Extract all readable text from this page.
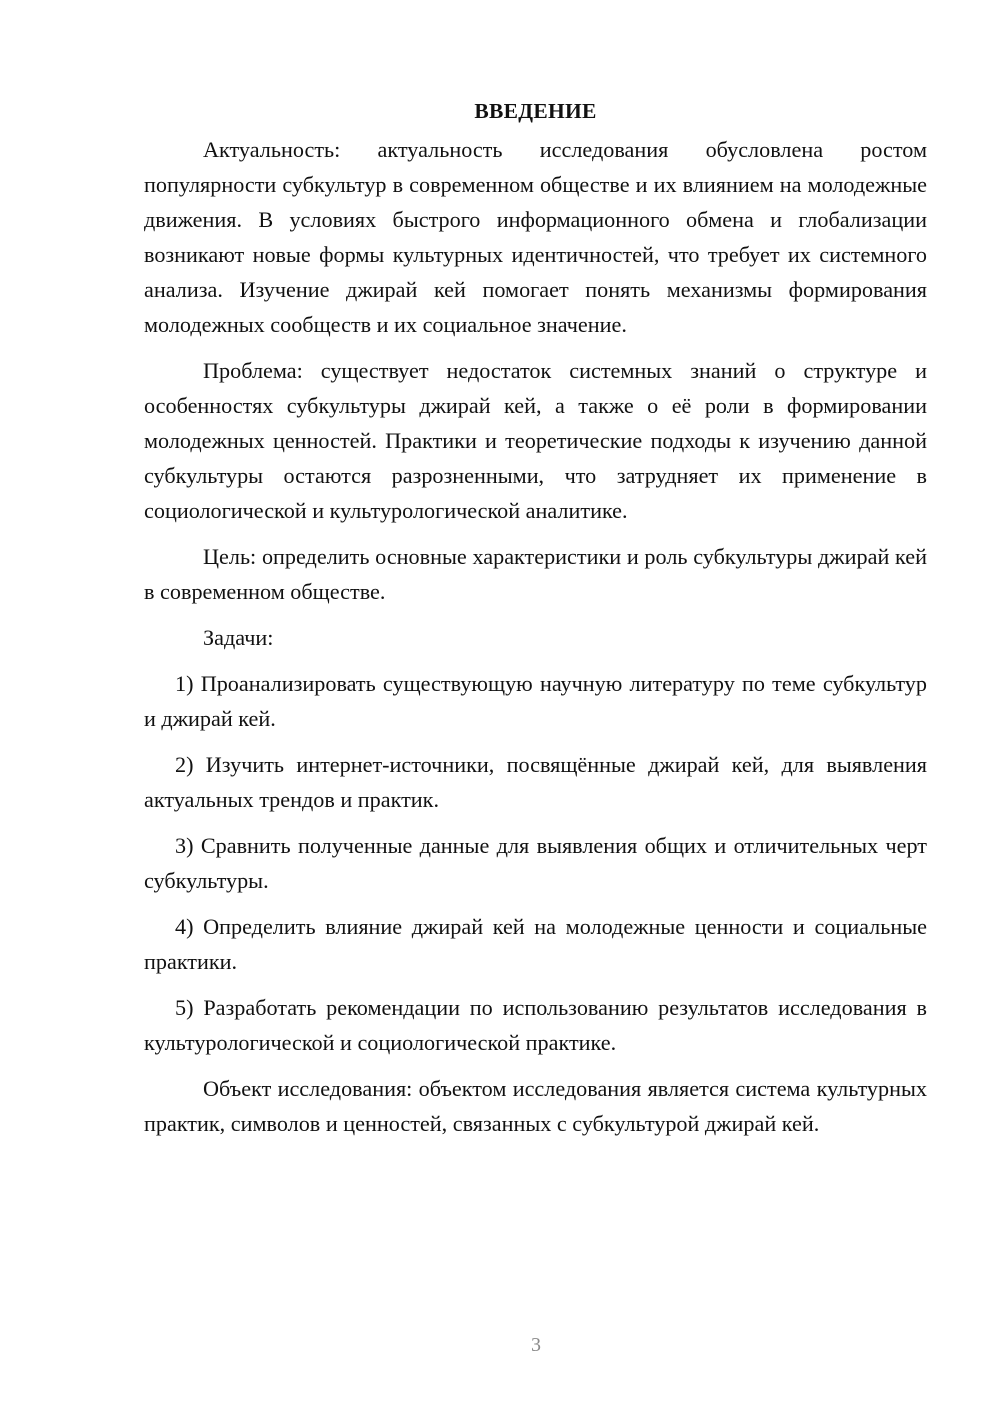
ВВЕДЕНИЕ

Актуальность: актуальность исследования обусловлена ростом популярности субкультур в современном обществе и их влиянием на молодежные движения. В условиях быстрого информационного обмена и глобализации возникают новые формы культурных идентичностей, что требует их системного анализа. Изучение джирай кей помогает понять механизмы формирования молодежных сообществ и их социальное значение.

Проблема: существует недостаток системных знаний о структуре и особенностях субкультуры джирай кей, а также о её роли в формировании молодежных ценностей. Практики и теоретические подходы к изучению данной субкультуры остаются разрозненными, что затрудняет их применение в социологической и культурологической аналитике.

Цель: определить основные характеристики и роль субкультуры джирай кей в современном обществе.

Задачи:

1) Проанализировать существующую научную литературу по теме субкультур и джирай кей.

2) Изучить интернет-источники, посвящённые джирай кей, для выявления актуальных трендов и практик.

3) Сравнить полученные данные для выявления общих и отличительных черт субкультуры.

4) Определить влияние джирай кей на молодежные ценности и социальные практики.

5) Разработать рекомендации по использованию результатов исследования в культурологической и социологической практике.

Объект исследования: объектом исследования является система культурных практик, символов и ценностей, связанных с субкультурой джирай кей.

3
